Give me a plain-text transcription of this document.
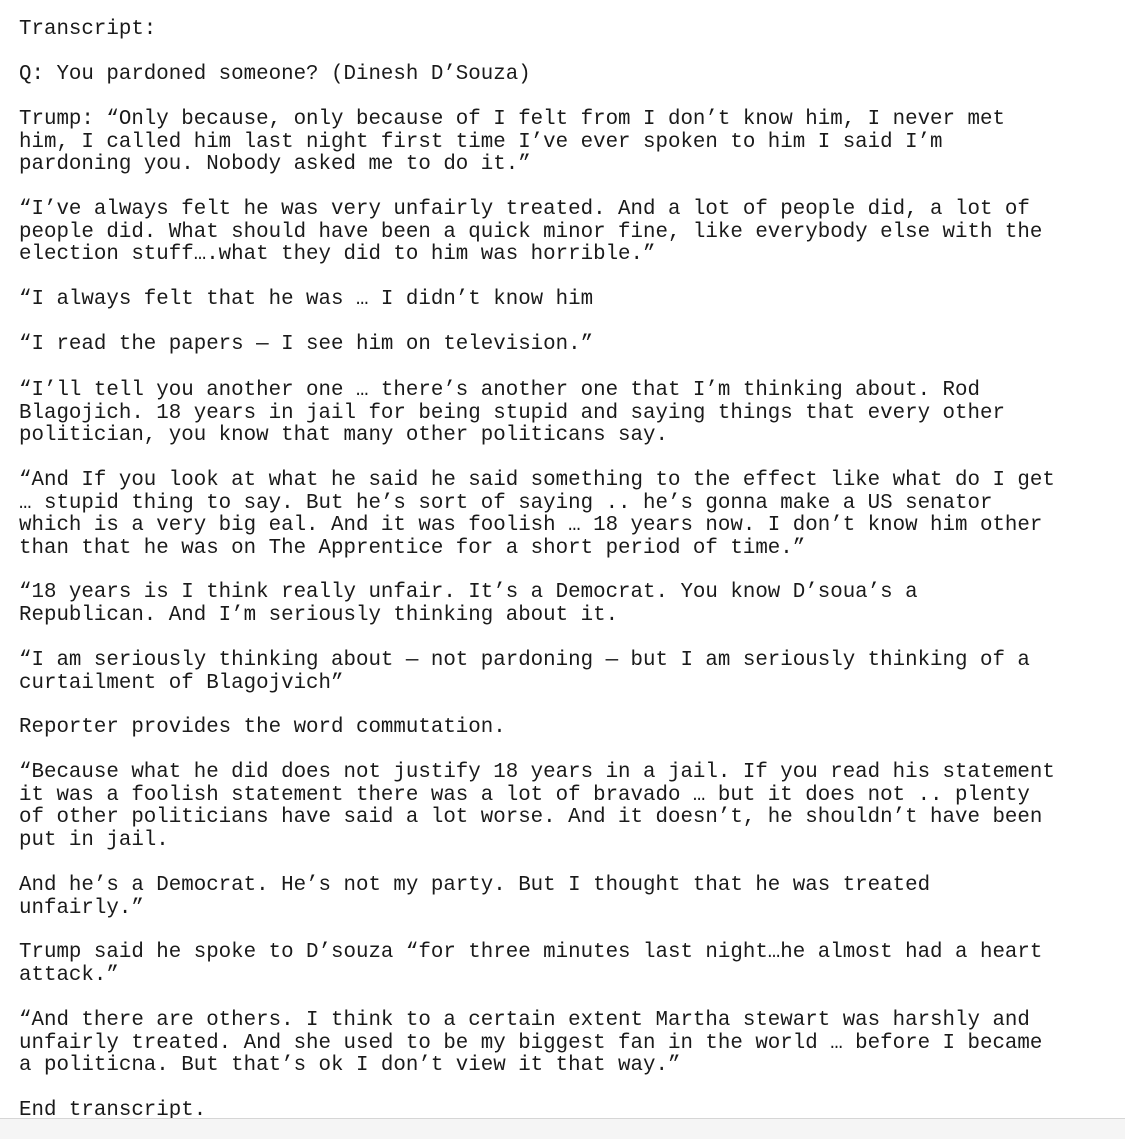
Transcript:

Q: You pardoned someone? (Dinesh D’Souza)

Trump: “Only because, only because of I felt from I don’t know him, I never met
him, I called him last night first time I’ve ever spoken to him I said I’m
pardoning you. Nobody asked me to do it.”

“I’ve always felt he was very unfairly treated. And a lot of people did, a lot of
people did. What should have been a quick minor fine, like everybody else with the
election stuff….what they did to him was horrible.”

“I always felt that he was … I didn’t know him

“I read the papers — I see him on television.”

“I’ll tell you another one … there’s another one that I’m thinking about. Rod
Blagojich. 18 years in jail for being stupid and saying things that every other
politician, you know that many other politicans say.

“And If you look at what he said he said something to the effect like what do I get
… stupid thing to say. But he’s sort of saying .. he’s gonna make a US senator
which is a very big eal. And it was foolish … 18 years now. I don’t know him other
than that he was on The Apprentice for a short period of time.”

“18 years is I think really unfair. It’s a Democrat. You know D’soua’s a
Republican. And I’m seriously thinking about it.

“I am seriously thinking about — not pardoning — but I am seriously thinking of a
curtailment of Blagojvich”

Reporter provides the word commutation.

“Because what he did does not justify 18 years in a jail. If you read his statement
it was a foolish statement there was a lot of bravado … but it does not .. plenty
of other politicians have said a lot worse. And it doesn’t, he shouldn’t have been
put in jail.

And he’s a Democrat. He’s not my party. But I thought that he was treated
unfairly.”

Trump said he spoke to D’souza “for three minutes last night…he almost had a heart
attack.”

“And there are others. I think to a certain extent Martha stewart was harshly and
unfairly treated. And she used to be my biggest fan in the world … before I became
a politicna. But that’s ok I don’t view it that way.”

End transcript.
